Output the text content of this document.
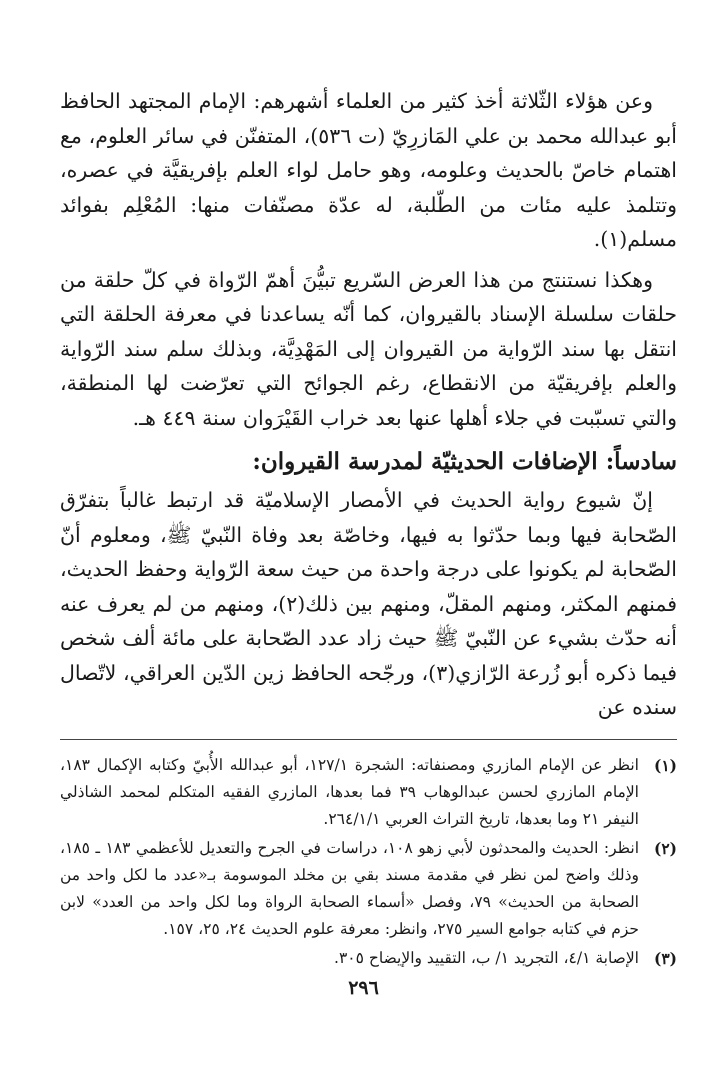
وعن هؤلاء الثّلاثة أخذ كثير من العلماء أشهرهم: الإمام المجتهد الحافظ أبو عبدالله محمد بن علي المَازرِيّ (ت ٥٣٦)، المتفنّن في سائر العلوم، مع اهتمام خاصّ بالحديث وعلومه، وهو حامل لواء العلم بإفريقيَّة في عصره، وتتلمذ عليه مئات من الطّلبة، له عدّة مصنّفات منها: المُعْلِم بفوائد مسلم(١).

وهكذا نستنتج من هذا العرض السّريع تبيُّنَ أهمّ الرّواة في كلّ حلقة من حلقات سلسلة الإسناد بالقيروان، كما أنّه يساعدنا في معرفة الحلقة التي انتقل بها سند الرّواية من القيروان إلى المَهْدِيَّة، وبذلك سلم سند الرّواية والعلم بإفريقيّة من الانقطاع، رغم الجوائح التي تعرّضت لها المنطقة، والتي تسبّبت في جلاء أهلها عنها بعد خراب القَيْرَوان سنة ٤٤٩ هـ.

سادساً: الإضافات الحديثيّة لمدرسة القيروان:

إنّ شيوع رواية الحديث في الأمصار الإسلاميّة قد ارتبط غالباً بتفرّق الصّحابة فيها وبما حدّثوا به فيها، وخاصّة بعد وفاة النّبيّ ﷺ، ومعلوم أنّ الصّحابة لم يكونوا على درجة واحدة من حيث سعة الرّواية وحفظ الحديث، فمنهم المكثر، ومنهم المقلّ، ومنهم بين ذلك(٢)، ومنهم من لم يعرف عنه أنه حدّث بشيء عن النّبيّ ﷺ حيث زاد عدد الصّحابة على مائة ألف شخص فيما ذكره أبو زُرعة الرّازي(٣)، ورجّحه الحافظ زين الدّين العراقي، لاتّصال سنده عن

(١)
انظر عن الإمام المازري ومصنفاته: الشجرة ١٢٧/١، أبو عبدالله الأُبيّ وكتابه الإكمال ١٨٣، الإمام المازري لحسن عبدالوهاب ٣٩ فما بعدها، المازري الفقيه المتكلم لمحمد الشاذلي النيفر ٢١ وما بعدها، تاريخ التراث العربي ٢٦٤/١/١.
(٢)
انظر: الحديث والمحدثون لأبي زهو ١٠٨، دراسات في الجرح والتعديل للأعظمي ١٨٣ ـ ١٨٥، وذلك واضح لمن نظر في مقدمة مسند بقي بن مخلد الموسومة بـ«عدد ما لكل واحد من الصحابة من الحديث» ٧٩، وفصل «أسماء الصحابة الرواة وما لكل واحد من العدد» لابن حزم في كتابه جوامع السير ٢٧٥، وانظر: معرفة علوم الحديث ٢٤، ٢٥، ١٥٧.
(٣)
الإصابة ٤/١، التجريد ١/ ب، التقييد والإيضاح ٣٠٥.
٢٩٦
